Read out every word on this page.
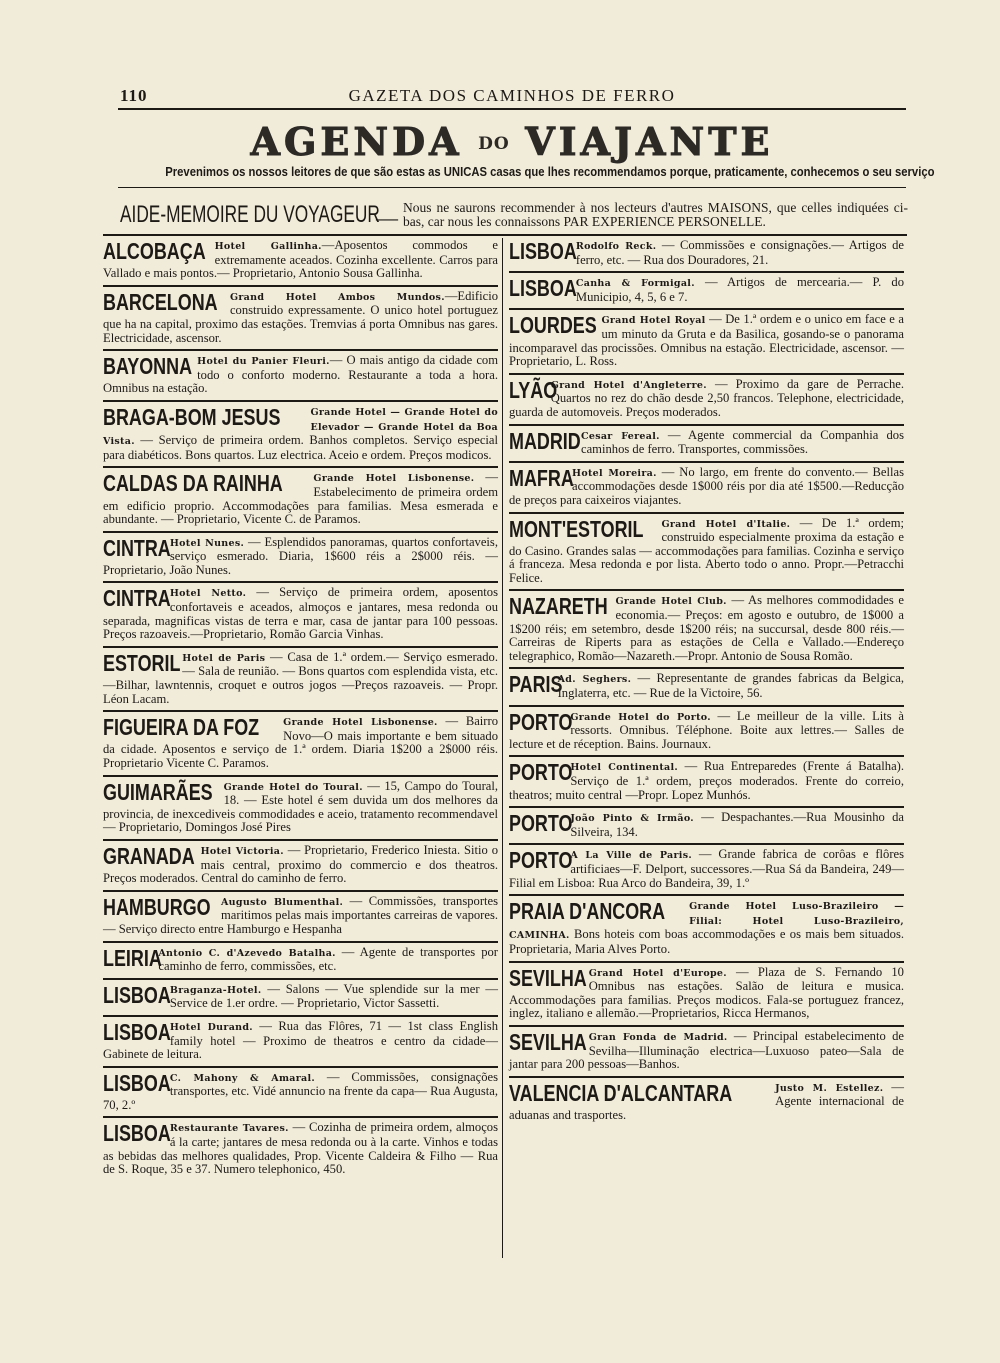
110	GAZETA DOS CAMINHOS DE FERRO
AGENDA DO VIAJANTE
Prevenimos os nossos leitores de que são estas as UNICAS casas que lhes recommendamos porque, praticamente, conhecemos o seu serviço
AIDE-MEMOIRE DU VOYAGEUR
— Nous ne saurons recommender à nos lecteurs d'autres MAISONS, que celles indiquées ci-bas, car nous les connaissons PAR EXPERIENCE PERSONELLE.
ALCOBAÇA Hotel Gallinha.—Aposentos commodos e extremamente aceados. Cozinha excellente. Carros para Vallado e mais pontos.— Proprietario, Antonio Sousa Gallinha.
BARCELONA Grand Hotel Ambos Mundos.—Edificio construido expressamente. O unico hotel portuguez que ha na capital, proximo das estações. Tremvias á porta Omnibus nas gares. Electricidade, ascensor.
BAYONNA Hotel du Panier Fleuri.— O mais antigo da cidade com todo o conforto moderno. Restaurante a toda a hora. Omnibus na estação.
BRAGA-BOM JESUS	Grande Hotel — Grande Hotel do Elevador — Grande Hotel da Boa Vista. — Serviço de primeira ordem. Banhos completos. Serviço especial para diabéticos. Bons quartos. Luz electrica. Aceio e ordem. Preços modicos.
CALDAS DA RAINHA	Grande Hotel Lisbonense. — Estabelecimento de primeira ordem em edificio proprio. Accommodações para familias. Mesa esmerada e abundante. — Proprietario, Vicente C. de Paramos.
CINTRA Hotel Nunes. — Esplendidos panoramas, quartos confortaveis, serviço esmerado. Diaria, 1$600 réis a 2$000 réis. — Proprietario, João Nunes.
CINTRA Hotel Netto. — Serviço de primeira ordem, aposentos confortaveis e aceados, almoços e jantares, mesa redonda ou separada, magnificas vistas de terra e mar, casa de jantar para 100 pessoas. Preços razoaveis.—Proprietario, Romão Garcia Vinhas.
ESTORIL Hotel de Paris — Casa de 1.ª ordem.— Serviço esmerado. — Sala de reunião. — Bons quartos com esplendida vista, etc.—Bilhar, lawntennis, croquet e outros jogos —Preços razoaveis. — Propr. Léon Lacam.
FIGUEIRA DA FOZ	Grande Hotel Lisbonense. — Bairro Novo—O mais importante e bem situado da cidade. Aposentos e serviço de 1.ª ordem. Diaria 1$200 a 2$000 réis. Proprietario Vicente C. Paramos.
GUIMARÃES Grande Hotel do Toural. — 15, Campo do Toural, 18. — Este hotel é sem duvida um dos melhores da provincia, de inexcediveis commodidades e aceio, tratamento recommendavel — Proprietario, Domingos José Pires
GRANADA Hotel Victoria. — Proprietario, Frederico Iniesta. Sitio o mais central, proximo do commercio e dos theatros. Preços moderados. Central do caminho de ferro.
HAMBURGO Augusto Blumenthal. — Commissões, transportes maritimos pelas mais importantes carreiras de vapores. — Serviço directo entre Hamburgo e Hespanha
LEIRIA
Antonio C. d'Azevedo Batalha. — Agente de transportes por caminho de ferro, commissões, etc.
LISBOA Braganza-Hotel. — Salons — Vue splendide sur la mer — Service de 1.er ordre. — Proprietario, Victor Sassetti.
LISBOA Hotel Durand. — Rua das Flôres, 71 — 1st class English family hotel — Proximo de theatros e centro da cidade—Gabinete de leitura.
LISBOA C. Mahony & Amaral. — Commissões, consignações transportes, etc. Vidé annuncio na frente da capa— Rua Augusta, 70, 2.º
LISBOA Restaurante Tavares. — Cozinha de primeira ordem, almoços á la carte; jantares de mesa redonda ou à la carte. Vinhos e todas as bebidas das melhores qualidades, Prop. Vicente Caldeira & Filho — Rua de S. Roque, 35 e 37. Numero telephonico, 450.
LISBOA Rodolfo Reck. — Commissões e consignações.— Artigos de ferro, etc. — Rua dos Douradores, 21.
LISBOA Canha & Formigal. — Artigos de mercearia.— P. do Municipio, 4, 5, 6 e 7.
LOURDES Grand Hotel Royal — De 1.ª ordem e o unico em face e a um minuto da Gruta e da Basilica, gosando-se o panorama incomparavel das procissões. Omnibus na estação. Electricidade, ascensor. — Proprietario, L. Ross.
LYÃO
Grand Hotel d'Angleterre. — Proximo da gare de Perrache. Quartos no rez do chão desde 2,50 francos. Telephone, electricidade, guarda de automoveis. Preços moderados.
MADRID Cesar Fereal. — Agente commercial da Companhia dos caminhos de ferro. Transportes, commissões.
MAFRA
Hotel Moreira. — No largo, em frente do convento.— Bellas accommodações desde 1$000 réis por dia até 1$500.—Reducção de preços para caixeiros viajantes.
MONT'ESTORIL Grand Hotel d'Italie. — De 1.ª ordem; construido especialmente proxima da estação e do Casino. Grandes salas — accommodações para familias. Cozinha e serviço á franceza. Mesa redonda e por lista. Aberto todo o anno. Propr.—Petracchi Felice.
NAZARETH Grande Hotel Club. — As melhores commodidades e economia.— Preços: em agosto e outubro, de 1$000 a 1$200 réis; em setembro, desde 1$200 réis; na succursal, desde 800 réis.—Carreiras de Riperts para as estações de Cella e Vallado.—Endereço telegraphico, Romão—Nazareth.—Propr. Antonio de Sousa Romão.
PARIS
Ad. Seghers. — Representante de grandes fabricas da Belgica, Inglaterra, etc. — Rue de la Victoire, 56.
PORTO
Grande Hotel do Porto. — Le meilleur de la ville. Lits à ressorts. Omnibus. Téléphone. Boite aux lettres.— Salles de lecture et de réception. Bains. Journaux.
PORTO
Hotel Continental. — Rua Entreparedes (Frente á Batalha). Serviço de 1.ª ordem, preços moderados. Frente do correio, theatros; muito central —Propr. Lopez Munhós.
PORTO
João Pinto & Irmão. — Despachantes.—Rua Mousinho da Silveira, 134.
PORTO
A La Ville de Paris. — Grande fabrica de corôas e flôres artificiaes—F. Delport, successores.—Rua Sá da Bandeira, 249—Filial em Lisboa: Rua Arco do Bandeira, 39, 1.º
PRAIA D'ANCORA	Grande Hotel Luso-Brazileiro — Filial: Hotel Luso-Brazileiro, CAMINHA. Bons hoteis com boas accommodações e os mais bem situados. Proprietaria, Maria Alves Porto.
SEVILHA Grand Hotel d'Europe. — Plaza de S. Fernando 10 Omnibus nas estações. Salão de leitura e musica. Accommodações para familias. Preços modicos. Fala-se portuguez francez, inglez, italiano e allemão.—Proprietarios, Ricca Hermanos,
SEVILHA Gran Fonda de Madrid. — Principal estabelecimento de Sevilha—Illuminação electrica—Luxuoso pateo—Sala de jantar para 200 pessoas—Banhos.
VALENCIA D'ALCANTARA	Justo M. Estellez. — Agente internacional de aduanas and trasportes.
